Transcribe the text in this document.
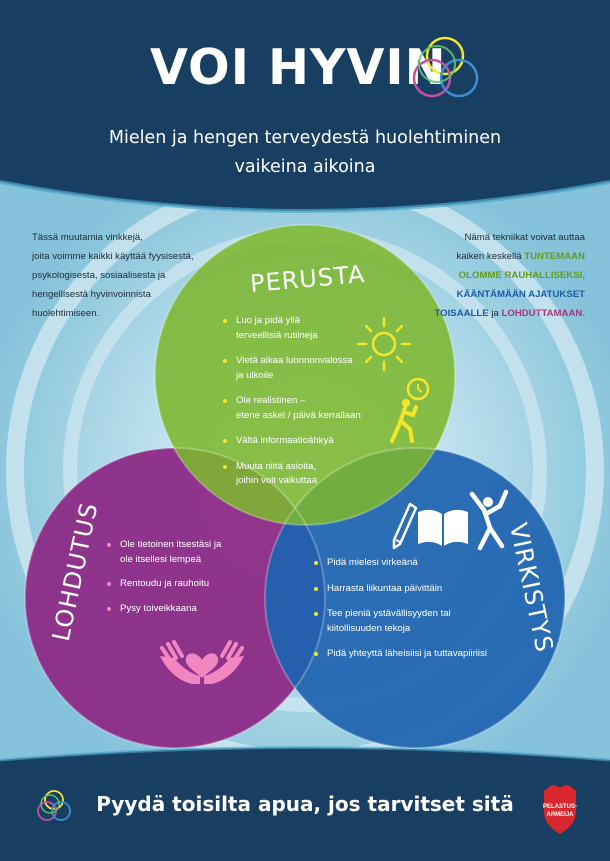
VOI HYVIN
Mielen ja hengen terveydestä huolehtiminen
vaikeina aikoina
Tässä muutamia vinkkejä,
joita voimme kaikki käyttää fyysisestä,
psykologisesta, sosiaalisesta ja
hengellisestä hyvinvoinnista
huolehtimiseen.
Nämä tekniikat voivat auttaa
kaiken keskellä TUNTEMAAN
OLOMME RAUHALLISEKSI,
KÄÄNTÄMÄÄN AJATUKSET
TOISAALLE ja LOHDUTTAMAAN.
PERUSTA
Luo ja pidä yllä
terveellisiä rutiineja
Vietä aikaa luonnonvalossa
ja ulkoile
Ole realistinen –
etene askel / päivä kerrallaan
Vältä informaatioähkyä
Muuta niitä asioita,
joihin voit vaikuttaa
LOHDUTUS Ole tietoinen itsestäsi ja
ole itsellesi lempeä
Rentoudu ja rauhoitu
Pysy toiveikkaana	VIRKISTYS
Pidä mielesi virkeänä
Harrasta liikuntaa päivittäin
Tee pieniä ystävällisyyden tai
kiitollisuuden tekoja
Pidä yhteyttä läheisiisi ja tuttavapiiriisi
Pyydä toisilta apua, jos tarvitset sitä	PELASTUS-
ARMEIJA
